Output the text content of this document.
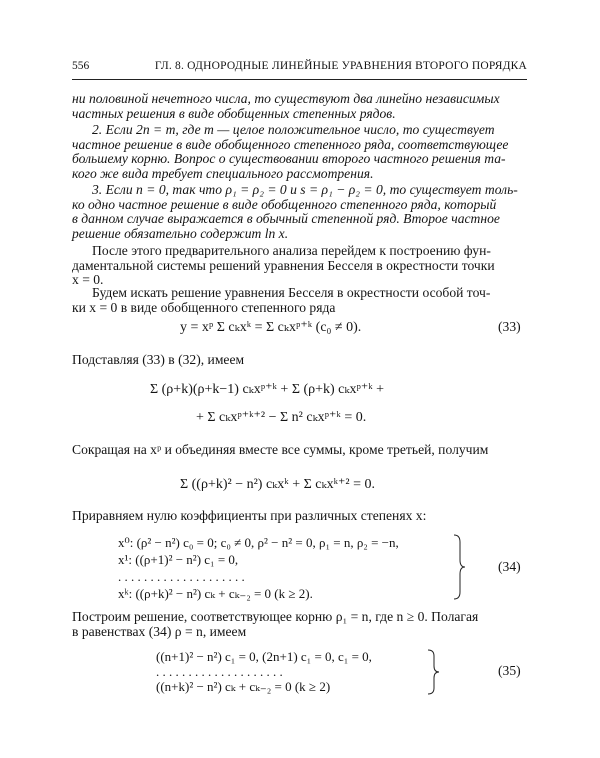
556	ГЛ. 8. ОДНОРОДНЫЕ ЛИНЕЙНЫЕ УРАВНЕНИЯ ВТОРОГО ПОРЯДКА
ни половиной нечетного числа, то существуют два линейно независимых
частных решения в виде обобщенных степенных рядов.
2. Если 2n = m, где m — целое положительное число, то существует
частное решение в виде обобщенного степенного ряда, соответствующее
большему корню. Вопрос о существовании второго частного решения та-
кого же вида требует специального рассмотрения.
3. Если n = 0, так что ρ₁ = ρ₂ = 0 и s = ρ₁ − ρ₂ = 0, то существует толь-
ко одно частное решение в виде обобщенного степенного ряда, который
в данном случае выражается в обычный степенной ряд. Второе частное
решение обязательно содержит ln x.
После этого предварительного анализа перейдем к построению фун-
даментальной системы решений уравнения Бесселя в окрестности точки
x = 0.
Будем искать решение уравнения Бесселя в окрестности особой точ-
ки x = 0 в виде обобщенного степенного ряда
y = xᵖ Σ cₖxᵏ = Σ cₖxᵖ⁺ᵏ (c₀ ≠ 0).	(33)
Подставляя (33) в (32), имеем
Σ (ρ+k)(ρ+k−1) cₖxᵖ⁺ᵏ + Σ (ρ+k) cₖxᵖ⁺ᵏ +
+ Σ cₖxᵖ⁺ᵏ⁺² − Σ n² cₖxᵖ⁺ᵏ = 0.
Сокращая на xᵖ и объединяя вместе все суммы, кроме третьей, получим
Σ ((ρ+k)² − n²) cₖxᵏ + Σ cₖxᵏ⁺² = 0.
Приравняем нулю коэффициенты при различных степенях x:
x⁰: (ρ² − n²) c₀ = 0; c₀ ≠ 0, ρ² − n² = 0, ρ₁ = n, ρ₂ = −n,
x¹: ((ρ+1)² − n²) c₁ = 0,
. . . . . . . . . . . . . . . . . . . .
xᵏ: ((ρ+k)² − n²) cₖ + cₖ₋₂ = 0 (k ≥ 2).
(34)
Построим решение, соответствующее корню ρ₁ = n, где n ≥ 0. Полагая
в равенствах (34) ρ = n, имеем
((n+1)² − n²) c₁ = 0, (2n+1) c₁ = 0, c₁ = 0,
. . . . . . . . . . . . . . . . . . . .
((n+k)² − n²) cₖ + cₖ₋₂ = 0 (k ≥ 2)
(35)
